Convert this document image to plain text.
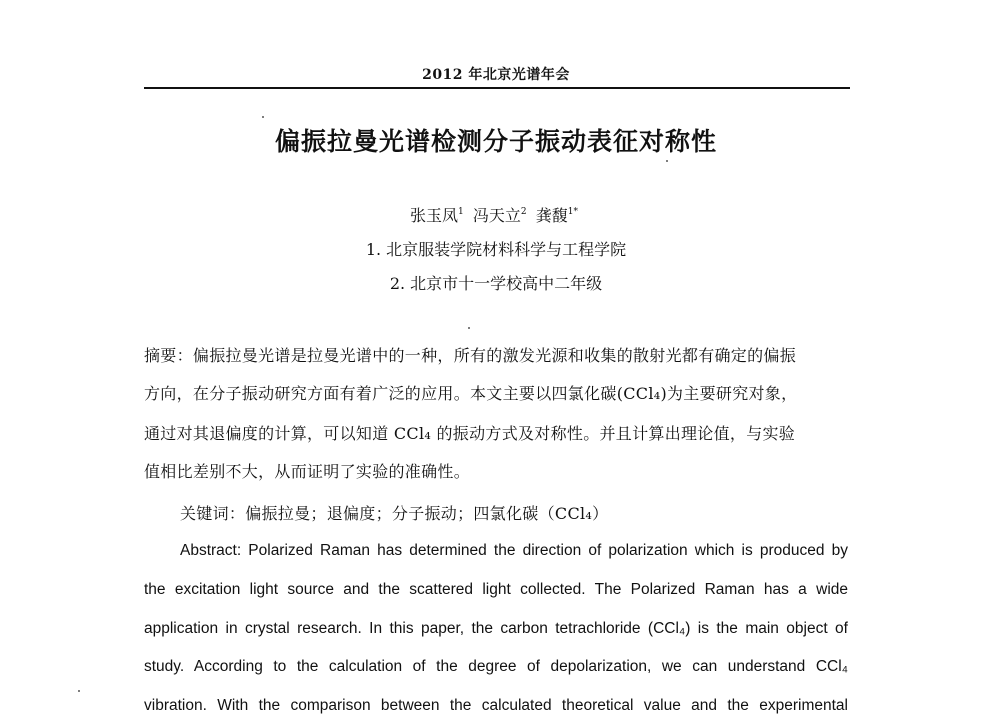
2012 年北京光谱年会
偏振拉曼光谱检测分子振动表征对称性
张玉凤$^1$ 冯天立$^2$ 龚馥$^{1*}$
1. 北京服装学院材料科学与工程学院
2. 北京市十一学校高中二年级
摘要：偏振拉曼光谱是拉曼光谱中的一种，所有的激发光源和收集的散射光都有确定的偏振
方向，在分子振动研究方面有着广泛的应用。本文主要以四氯化碳(CCl₄)为主要研究对象，
通过对其退偏度的计算，可以知道 CCl₄ 的振动方式及对称性。并且计算出理论值，与实验
值相比差别不大，从而证明了实验的准确性。
关键词：偏振拉曼；退偏度；分子振动；四氯化碳（CCl₄）
Abstract: Polarized Raman has determined the direction of polarization which is produced by
the excitation light source and the scattered light collected. The Polarized Raman has a wide
application in crystal research. In this paper, the carbon tetrachloride (CCl₄) is the main object of
study. According to the calculation of the degree of depolarization, we can understand CCl₄
vibration. With the comparison between the calculated theoretical value and the experimental
